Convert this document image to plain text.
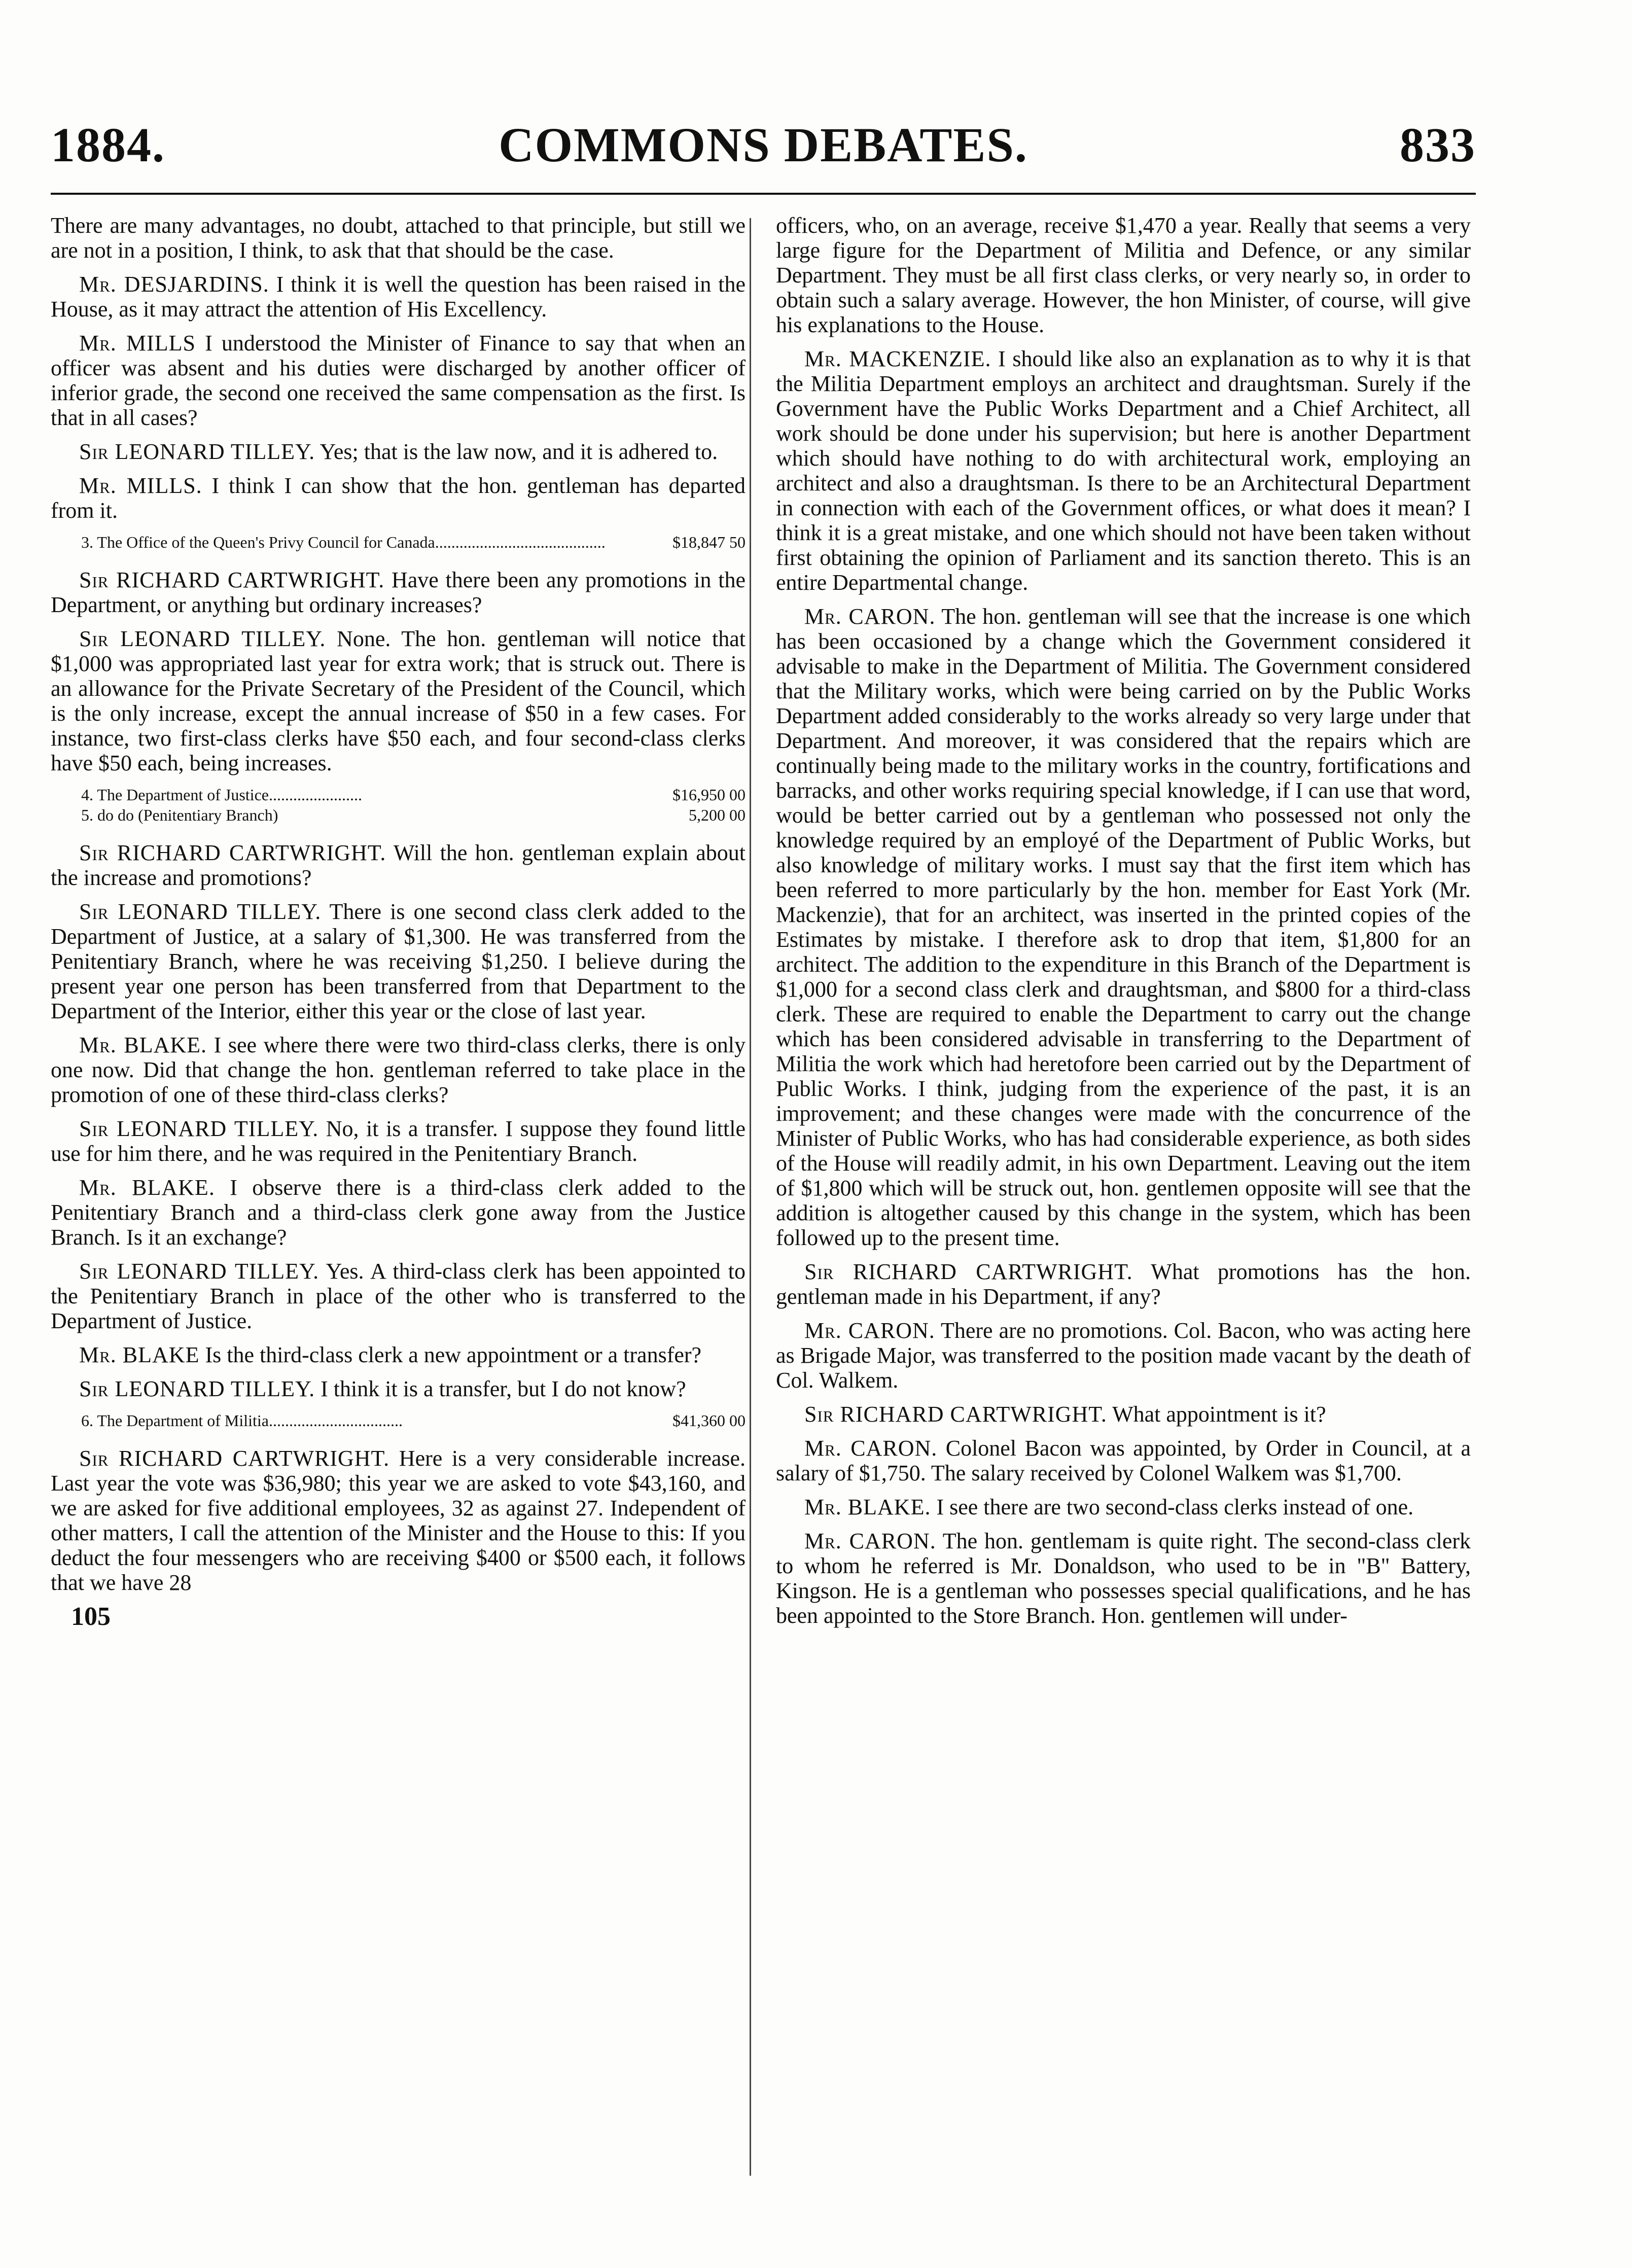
COMMONS DEBATES.
1884.	833

There are many advantages, no doubt, attached to that principle, but still we are not in a position, I think, to ask that that should be the case.

Mr. DESJARDINS. I think it is well the question has been raised in the House, as it may attract the attention of His Excellency.

Mr. MILLS I understood the Minister of Finance to say that when an officer was absent and his duties were discharged by another officer of inferior grade, the second one received the same compensation as the first. Is that in all cases?

Sir LEONARD TILLEY. Yes; that is the law now, and it is adhered to.

Mr. MILLS. I think I can show that the hon. gentleman has departed from it.

3. The Office of the Queen's Privy Council for Canada..........................................	$18,847 50

Sir RICHARD CARTWRIGHT. Have there been any promotions in the Department, or anything but ordinary increases?

Sir LEONARD TILLEY. None. The hon. gentleman will notice that $1,000 was appropriated last year for extra work; that is struck out. There is an allowance for the Private Secretary of the President of the Council, which is the only increase, except the annual increase of $50 in a few cases. For instance, two first-class clerks have $50 each, and four second-class clerks have $50 each, being increases.

4. The Department of Justice.......................	$16,950 00
5. do do (Penitentiary Branch)	5,200 00

Sir RICHARD CARTWRIGHT. Will the hon. gentleman explain about the increase and promotions?

Sir LEONARD TILLEY. There is one second class clerk added to the Department of Justice, at a salary of $1,300. He was transferred from the Penitentiary Branch, where he was receiving $1,250. I believe during the present year one person has been transferred from that Department to the Department of the Interior, either this year or the close of last year.

Mr. BLAKE. I see where there were two third-class clerks, there is only one now. Did that change the hon. gentleman referred to take place in the promotion of one of these third-class clerks?

Sir LEONARD TILLEY. No, it is a transfer. I suppose they found little use for him there, and he was required in the Penitentiary Branch.

Mr. BLAKE. I observe there is a third-class clerk added to the Penitentiary Branch and a third-class clerk gone away from the Justice Branch. Is it an exchange?

Sir LEONARD TILLEY. Yes. A third-class clerk has been appointed to the Penitentiary Branch in place of the other who is transferred to the Department of Justice.

Mr. BLAKE Is the third-class clerk a new appointment or a transfer?

Sir LEONARD TILLEY. I think it is a transfer, but I do not know?

6. The Department of Militia.................................	$41,360 00

Sir RICHARD CARTWRIGHT. Here is a very considerable increase. Last year the vote was $36,980; this year we are asked to vote $43,160, and we are asked for five additional employees, 32 as against 27. Independent of other matters, I call the attention of the Minister and the House to this: If you deduct the four messengers who are receiving $400 or $500 each, it follows that we have 28

105

officers, who, on an average, receive $1,470 a year. Really that seems a very large figure for the Department of Militia and Defence, or any similar Department. They must be all first class clerks, or very nearly so, in order to obtain such a salary average. However, the hon Minister, of course, will give his explanations to the House.

Mr. MACKENZIE. I should like also an explanation as to why it is that the Militia Department employs an architect and draughtsman. Surely if the Government have the Public Works Department and a Chief Architect, all work should be done under his supervision; but here is another Department which should have nothing to do with architectural work, employing an architect and also a draughtsman. Is there to be an Architectural Department in connection with each of the Government offices, or what does it mean? I think it is a great mistake, and one which should not have been taken without first obtaining the opinion of Parliament and its sanction thereto. This is an entire Departmental change.

Mr. CARON. The hon. gentleman will see that the increase is one which has been occasioned by a change which the Government considered it advisable to make in the Department of Militia. The Government considered that the Military works, which were being carried on by the Public Works Department added considerably to the works already so very large under that Department. And moreover, it was considered that the repairs which are continually being made to the military works in the country, fortifications and barracks, and other works requiring special knowledge, if I can use that word, would be better carried out by a gentleman who possessed not only the knowledge required by an employé of the Department of Public Works, but also knowledge of military works. I must say that the first item which has been referred to more particularly by the hon. member for East York (Mr. Mackenzie), that for an architect, was inserted in the printed copies of the Estimates by mistake. I therefore ask to drop that item, $1,800 for an architect. The addition to the expenditure in this Branch of the Department is $1,000 for a second class clerk and draughtsman, and $800 for a third-class clerk. These are required to enable the Department to carry out the change which has been considered advisable in transferring to the Department of Militia the work which had heretofore been carried out by the Department of Public Works. I think, judging from the experience of the past, it is an improvement; and these changes were made with the concurrence of the Minister of Public Works, who has had considerable experience, as both sides of the House will readily admit, in his own Department. Leaving out the item of $1,800 which will be struck out, hon. gentlemen opposite will see that the addition is altogether caused by this change in the system, which has been followed up to the present time.

Sir RICHARD CARTWRIGHT. What promotions has the hon. gentleman made in his Department, if any?

Mr. CARON. There are no promotions. Col. Bacon, who was acting here as Brigade Major, was transferred to the position made vacant by the death of Col. Walkem.

Sir RICHARD CARTWRIGHT. What appointment is it?

Mr. CARON. Colonel Bacon was appointed, by Order in Council, at a salary of $1,750. The salary received by Colonel Walkem was $1,700.

Mr. BLAKE. I see there are two second-class clerks instead of one.

Mr. CARON. The hon. gentlemam is quite right. The second-class clerk to whom he referred is Mr. Donaldson, who used to be in "B" Battery, Kingson. He is a gentleman who possesses special qualifications, and he has been appointed to the Store Branch. Hon. gentlemen will under-
